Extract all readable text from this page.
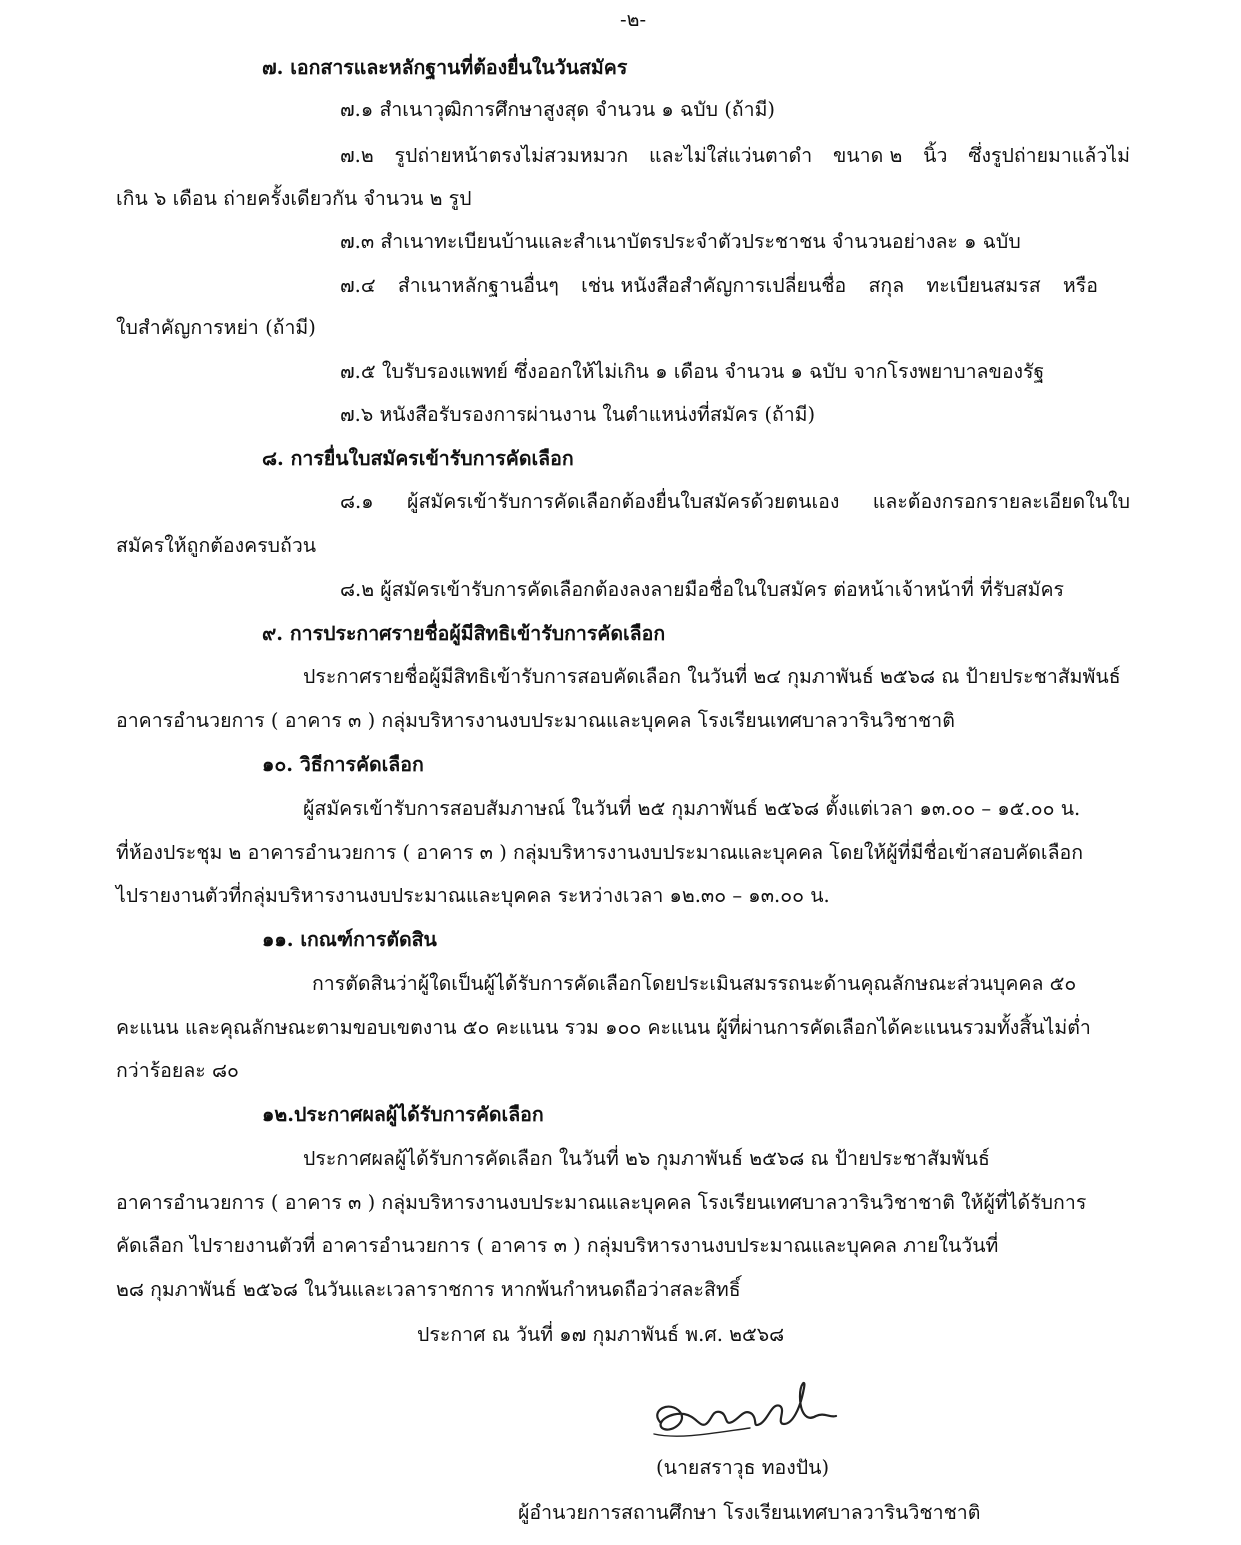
-๒-
๗. เอกสารและหลักฐานที่ต้องยื่นในวันสมัคร
๗.๑ สำเนาวุฒิการศึกษาสูงสุด จำนวน ๑ ฉบับ (ถ้ามี)
๗.๒ รูปถ่ายหน้าตรงไม่สวมหมวก และไม่ใส่แว่นตาดำ ขนาด ๒ นิ้ว ซึ่งรูปถ่ายมาแล้วไม่
เกิน ๖ เดือน ถ่ายครั้งเดียวกัน จำนวน ๒ รูป
๗.๓ สำเนาทะเบียนบ้านและสำเนาบัตรประจำตัวประชาชน จำนวนอย่างละ ๑ ฉบับ
๗.๔ สำเนาหลักฐานอื่นๆ เช่น หนังสือสำคัญการเปลี่ยนชื่อ สกุล ทะเบียนสมรส หรือ
ใบสำคัญการหย่า (ถ้ามี)
๗.๕ ใบรับรองแพทย์ ซึ่งออกให้ไม่เกิน ๑ เดือน จำนวน ๑ ฉบับ จากโรงพยาบาลของรัฐ
๗.๖ หนังสือรับรองการผ่านงาน ในตำแหน่งที่สมัคร (ถ้ามี)
๘. การยื่นใบสมัครเข้ารับการคัดเลือก
๘.๑ ผู้สมัครเข้ารับการคัดเลือกต้องยื่นใบสมัครด้วยตนเอง และต้องกรอกรายละเอียดในใบ
สมัครให้ถูกต้องครบถ้วน
๘.๒ ผู้สมัครเข้ารับการคัดเลือกต้องลงลายมือชื่อในใบสมัคร ต่อหน้าเจ้าหน้าที่ ที่รับสมัคร
๙. การประกาศรายชื่อผู้มีสิทธิเข้ารับการคัดเลือก
ประกาศรายชื่อผู้มีสิทธิเข้ารับการสอบคัดเลือก ในวันที่ ๒๔ กุมภาพันธ์ ๒๕๖๘ ณ ป้ายประชาสัมพันธ์
อาคารอำนวยการ ( อาคาร ๓ ) กลุ่มบริหารงานงบประมาณและบุคคล โรงเรียนเทศบาลวารินวิชาชาติ
๑๐. วิธีการคัดเลือก
ผู้สมัครเข้ารับการสอบสัมภาษณ์ ในวันที่ ๒๕ กุมภาพันธ์ ๒๕๖๘ ตั้งแต่เวลา ๑๓.๐๐ – ๑๕.๐๐ น.
ที่ห้องประชุม ๒ อาคารอำนวยการ ( อาคาร ๓ ) กลุ่มบริหารงานงบประมาณและบุคคล โดยให้ผู้ที่มีชื่อเข้าสอบคัดเลือก
ไปรายงานตัวที่กลุ่มบริหารงานงบประมาณและบุคคล ระหว่างเวลา ๑๒.๓๐ – ๑๓.๐๐ น.
๑๑. เกณฑ์การตัดสิน
การตัดสินว่าผู้ใดเป็นผู้ได้รับการคัดเลือกโดยประเมินสมรรถนะด้านคุณลักษณะส่วนบุคคล ๕๐
คะแนน และคุณลักษณะตามขอบเขตงาน ๕๐ คะแนน รวม ๑๐๐ คะแนน ผู้ที่ผ่านการคัดเลือกได้คะแนนรวมทั้งสิ้นไม่ต่ำ
กว่าร้อยละ ๘๐
๑๒.ประกาศผลผู้ได้รับการคัดเลือก
ประกาศผลผู้ได้รับการคัดเลือก ในวันที่ ๒๖ กุมภาพันธ์ ๒๕๖๘ ณ ป้ายประชาสัมพันธ์
อาคารอำนวยการ ( อาคาร ๓ ) กลุ่มบริหารงานงบประมาณและบุคคล โรงเรียนเทศบาลวารินวิชาชาติ ให้ผู้ที่ได้รับการ
คัดเลือก ไปรายงานตัวที่ อาคารอำนวยการ ( อาคาร ๓ ) กลุ่มบริหารงานงบประมาณและบุคคล ภายในวันที่
๒๘ กุมภาพันธ์ ๒๕๖๘ ในวันและเวลาราชการ หากพ้นกำหนดถือว่าสละสิทธิ์
ประกาศ ณ วันที่ ๑๗ กุมภาพันธ์ พ.ศ. ๒๕๖๘
(นายสราวุธ ทองปัน)
ผู้อำนวยการสถานศึกษา โรงเรียนเทศบาลวารินวิชาชาติ
